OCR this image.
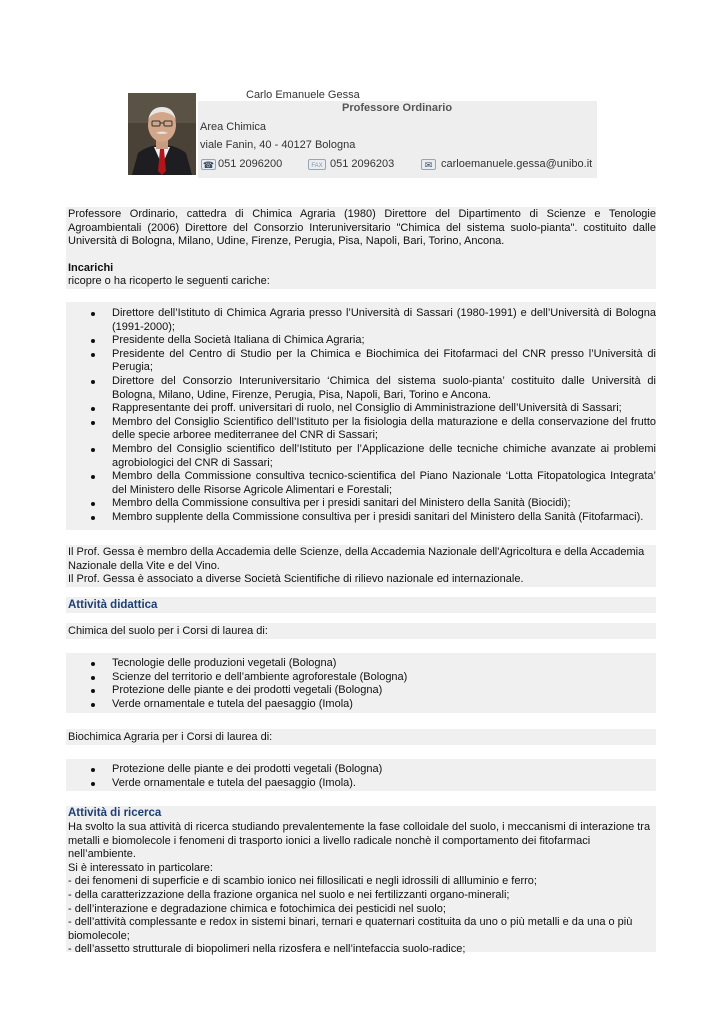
Carlo Emanuele Gessa
Professore Ordinario
Area Chimica
viale Fanin, 40 - 40127 Bologna
☎
051 2096200 FAX	051 2096203 ✉	carloemanuele.gessa@unibo.it
Professore Ordinario, cattedra di Chimica Agraria (1980) Direttore del Dipartimento di Scienze e Tenologie Agroambientali (2006) Direttore del Consorzio Interuniversitario "Chimica del sistema suolo-pianta". costituito dalle Università di Bologna, Milano, Udine, Firenze, Perugia, Pisa, Napoli, Bari, Torino, Ancona.
Incarichi
ricopre o ha ricoperto le seguenti cariche:
Direttore dell’Istituto di Chimica Agraria presso l’Università di Sassari (1980-1991) e dell’Università di Bologna (1991-2000);
Presidente della Società Italiana di Chimica Agraria;
Presidente del Centro di Studio per la Chimica e Biochimica dei Fitofarmaci del CNR presso l’Università di Perugia;
Direttore del Consorzio Interuniversitario ‘Chimica del sistema suolo-pianta’ costituito dalle Università di Bologna, Milano, Udine, Firenze, Perugia, Pisa, Napoli, Bari, Torino e Ancona.
Rappresentante dei proff. universitari di ruolo, nel Consiglio di Amministrazione dell’Università di Sassari;
Membro del Consiglio Scientifico dell’Istituto per la fisiologia della maturazione e della conservazione del frutto delle specie arboree mediterranee del CNR di Sassari;
Membro del Consiglio scientifico dell’Istituto per l’Applicazione delle tecniche chimiche avanzate ai problemi agrobiologici del CNR di Sassari;
Membro della Commissione consultiva tecnico-scientifica del Piano Nazionale ‘Lotta Fitopatologica Integrata’ del Ministero delle Risorse Agricole Alimentari e Forestali;
Membro della Commissione consultiva per i presidi sanitari del Ministero della Sanità (Biocidi);
Membro supplente della Commissione consultiva per i presidi sanitari del Ministero della Sanità (Fitofarmaci).
Il Prof. Gessa è membro della Accademia delle Scienze, della Accademia Nazionale dell'Agricoltura e della Accademia Nazionale della Vite e del Vino.
Il Prof. Gessa è associato a diverse Società Scientifiche di rilievo nazionale ed internazionale.
Attività didattica
Chimica del suolo per i Corsi di laurea di:
Tecnologie delle produzioni vegetali (Bologna)
Scienze del territorio e dell’ambiente agroforestale (Bologna)
Protezione delle piante e dei prodotti vegetali (Bologna)
Verde ornamentale e tutela del paesaggio (Imola)
Biochimica Agraria per i Corsi di laurea di:
Protezione delle piante e dei prodotti vegetali (Bologna)
Verde ornamentale e tutela del paesaggio (Imola).
Attività di ricerca
Ha svolto la sua attività di ricerca studiando prevalentemente la fase colloidale del suolo, i meccanismi di interazione tra
metalli e biomolecole i fenomeni di trasporto ionici a livello radicale nonchè il comportamento dei fitofarmaci
nell’ambiente.
Si è interessato in particolare:
- dei fenomeni di superficie e di scambio ionico nei fillosilicati e negli idrossili di allluminio e ferro;
- della caratterizzazione della frazione organica nel suolo e nei fertilizzanti organo-minerali;
- dell’interazione e degradazione chimica e fotochimica dei pesticidi nel suolo;
- dell’attività complessante e redox in sistemi binari, ternari e quaternari costituita da uno o più metalli e da una o più
biomolecole;
- dell’assetto strutturale di biopolimeri nella rizosfera e nell’intefaccia suolo-radice;
